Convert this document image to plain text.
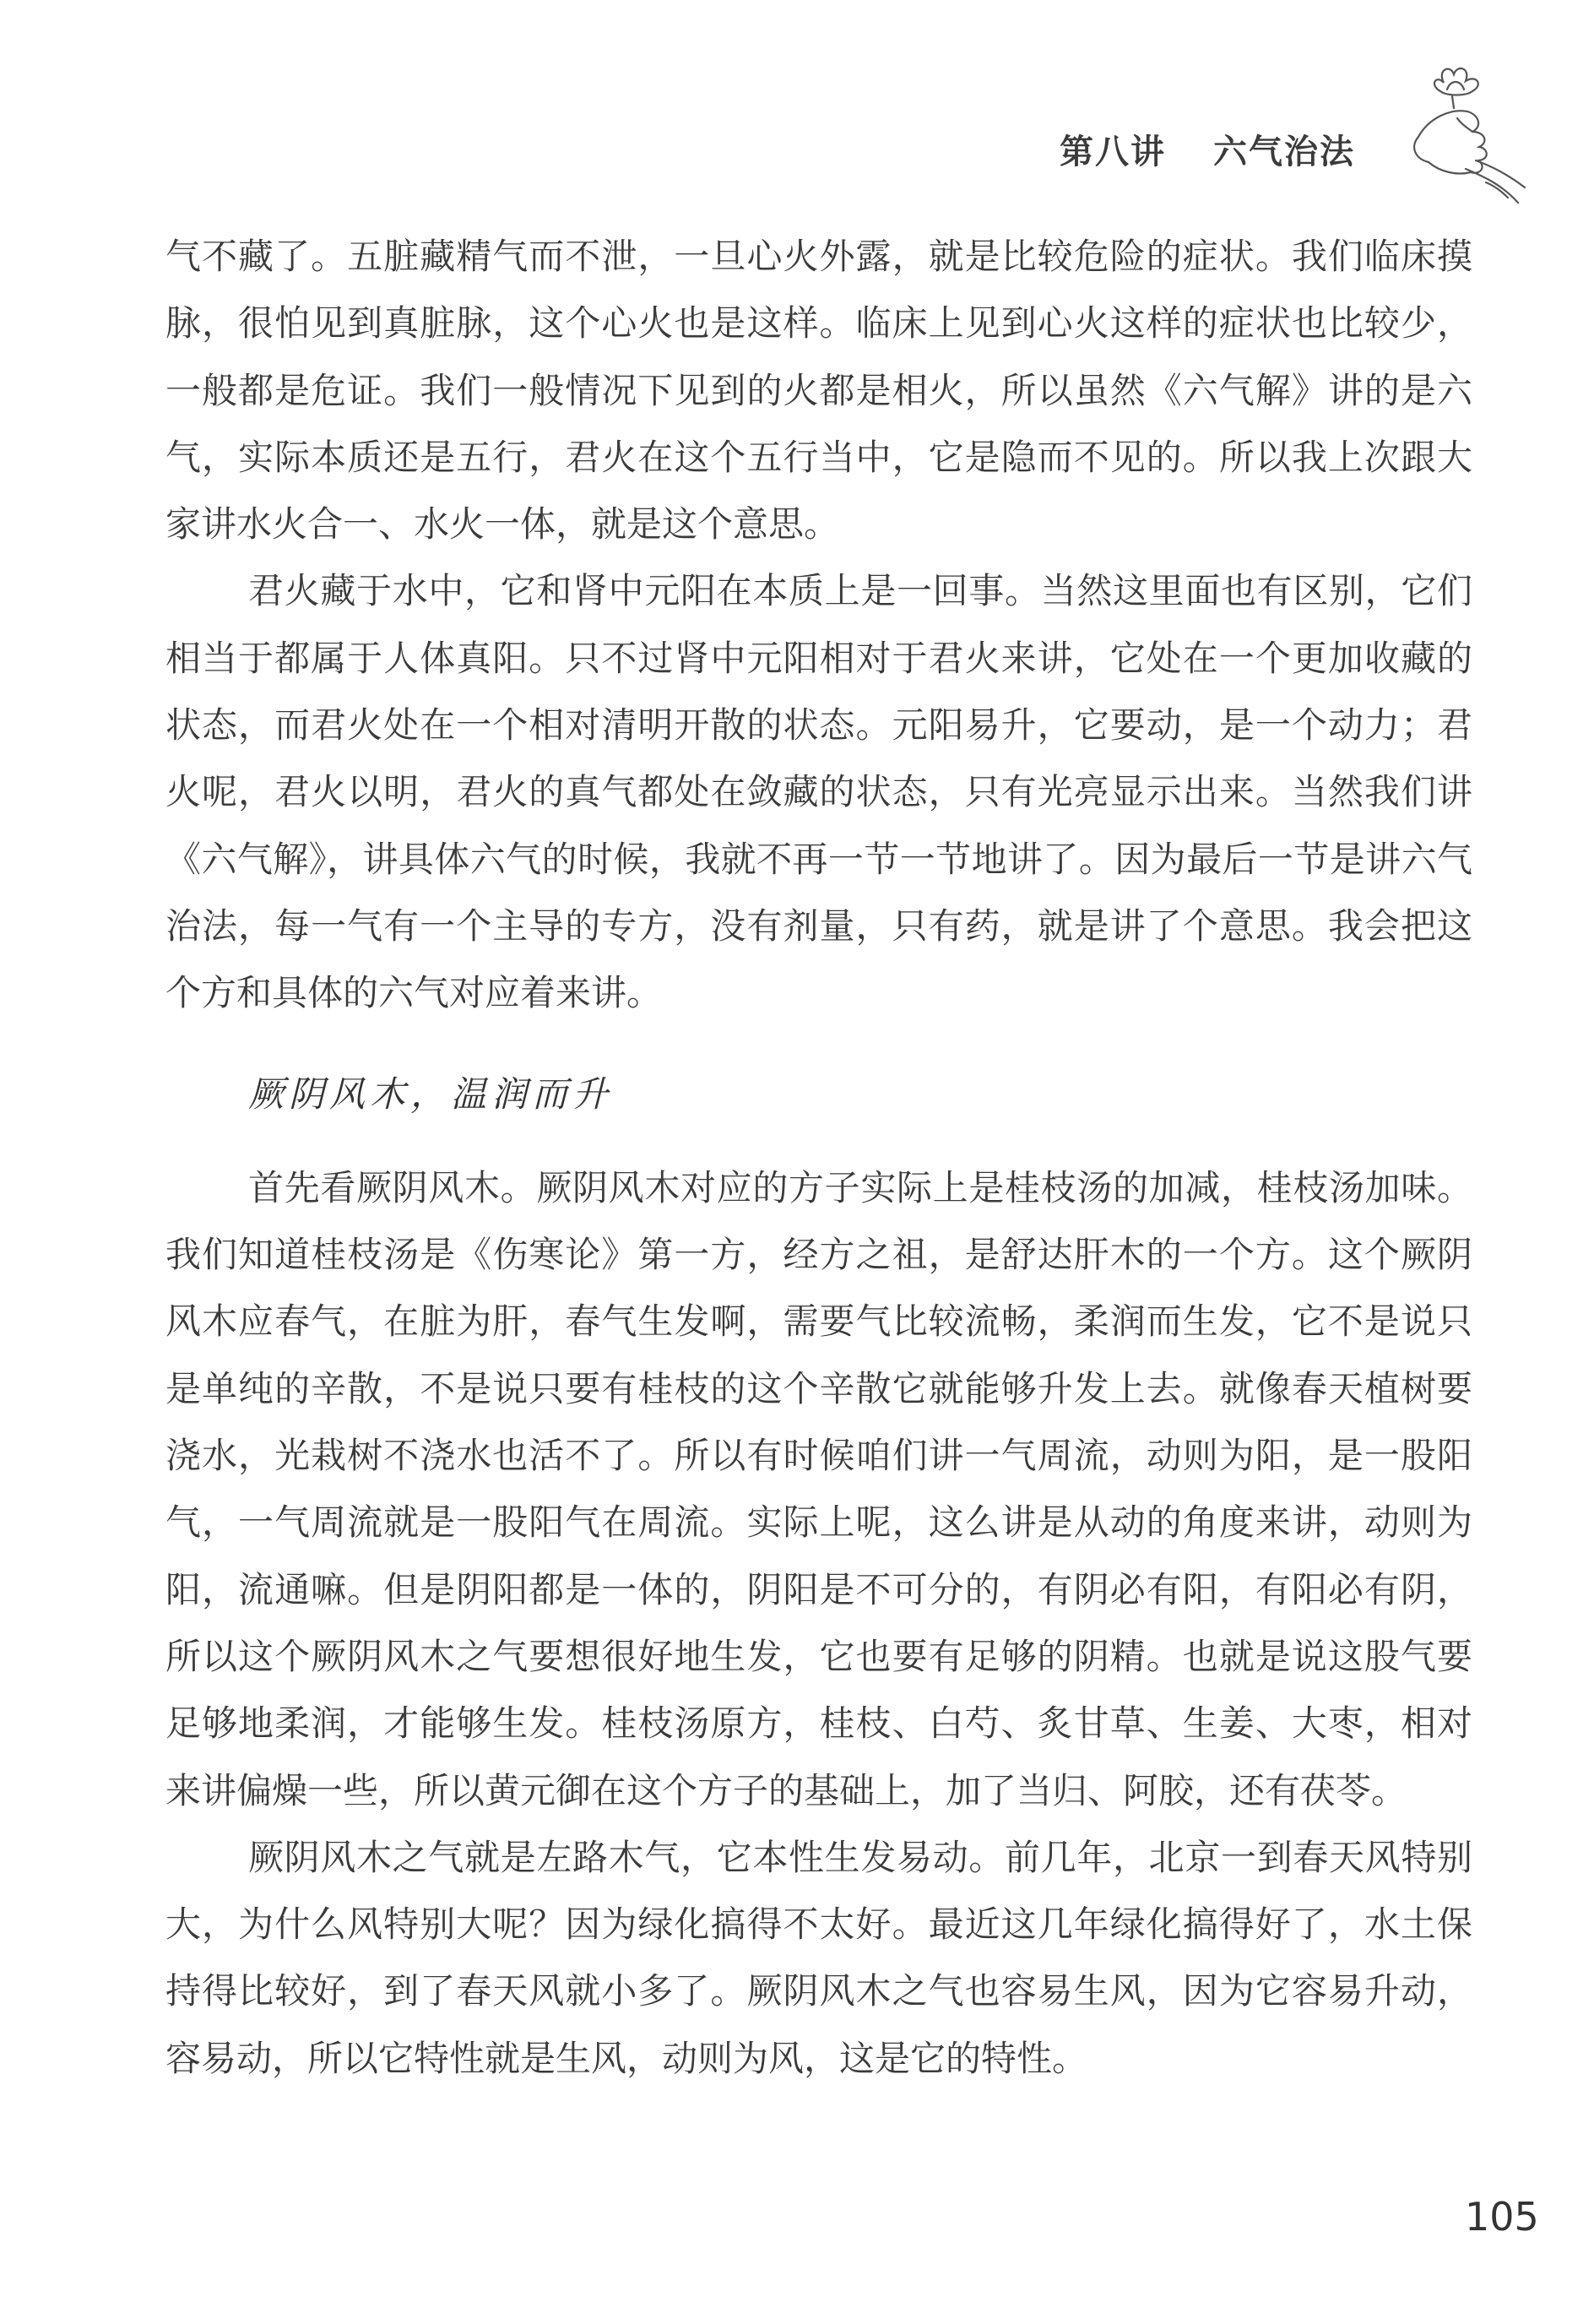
第八讲 六气治法

气不藏了。五脏藏精气而不泄，一旦心火外露，就是比较危险的症状。我们临床摸脉，很怕见到真脏脉，这个心火也是这样。临床上见到心火这样的症状也比较少，一般都是危证。我们一般情况下见到的火都是相火，所以虽然《六气解》讲的是六气，实际本质还是五行，君火在这个五行当中，它是隐而不见的。所以我上次跟大家讲水火合一、水火一体，就是这个意思。

君火藏于水中，它和肾中元阳在本质上是一回事。当然这里面也有区别，它们相当于都属于人体真阳。只不过肾中元阳相对于君火来讲，它处在一个更加收藏的状态，而君火处在一个相对清明开散的状态。元阳易升，它要动，是一个动力；君火呢，君火以明，君火的真气都处在敛藏的状态，只有光亮显示出来。当然我们讲《六气解》，讲具体六气的时候，我就不再一节一节地讲了。因为最后一节是讲六气治法，每一气有一个主导的专方，没有剂量，只有药，就是讲了个意思。我会把这个方和具体的六气对应着来讲。

厥阴风木，温润而升

首先看厥阴风木。厥阴风木对应的方子实际上是桂枝汤的加减，桂枝汤加味。我们知道桂枝汤是《伤寒论》第一方，经方之祖，是舒达肝木的一个方。这个厥阴风木应春气，在脏为肝，春气生发啊，需要气比较流畅，柔润而生发，它不是说只是单纯的辛散，不是说只要有桂枝的这个辛散它就能够升发上去。就像春天植树要浇水，光栽树不浇水也活不了。所以有时候咱们讲一气周流，动则为阳，是一股阳气，一气周流就是一股阳气在周流。实际上呢，这么讲是从动的角度来讲，动则为阳，流通嘛。但是阴阳都是一体的，阴阳是不可分的，有阴必有阳，有阳必有阴，所以这个厥阴风木之气要想很好地生发，它也要有足够的阴精。也就是说这股气要足够地柔润，才能够生发。桂枝汤原方，桂枝、白芍、炙甘草、生姜、大枣，相对来讲偏燥一些，所以黄元御在这个方子的基础上，加了当归、阿胶，还有茯苓。

厥阴风木之气就是左路木气，它本性生发易动。前几年，北京一到春天风特别大，为什么风特别大呢？因为绿化搞得不太好。最近这几年绿化搞得好了，水土保持得比较好，到了春天风就小多了。厥阴风木之气也容易生风，因为它容易升动，容易动，所以它特性就是生风，动则为风，这是它的特性。

105
